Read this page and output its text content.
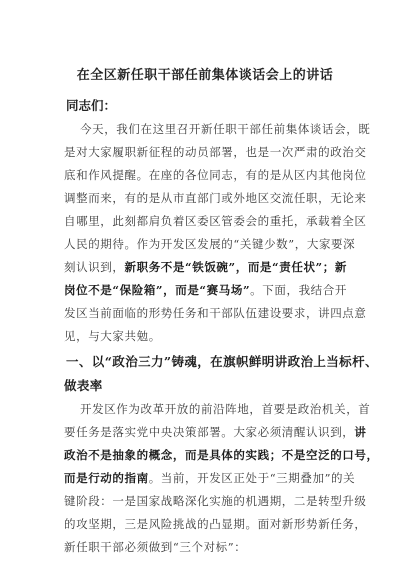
在全区新任职干部任前集体谈话会上的讲话
同志们：
今天，我们在这里召开新任职干部任前集体谈话会，既
是对大家履职新征程的动员部署，也是一次严肃的政治交
底和作风提醒。在座的各位同志，有的是从区内其他岗位
调整而来，有的是从市直部门或外地区交流任职，无论来
自哪里，此刻都肩负着区委区管委会的重托，承载着全区
人民的期待。作为开发区发展的“关键少数”，大家要深
刻认识到，新职务不是“铁饭碗”，而是“责任状”；新
岗位不是“保险箱”，而是“赛马场”。下面，我结合开
发区当前面临的形势任务和干部队伍建设要求，讲四点意
见，与大家共勉。
一、以“政治三力”铸魂，在旗帜鲜明讲政治上当标杆、
做表率
开发区作为改革开放的前沿阵地，首要是政治机关，首
要任务是落实党中央决策部署。大家必须清醒认识到，讲
政治不是抽象的概念，而是具体的实践；不是空泛的口号，
而是行动的指南。当前，开发区正处于“三期叠加”的关
键阶段：一是国家战略深化实施的机遇期，二是转型升级
的攻坚期，三是风险挑战的凸显期。面对新形势新任务，
新任职干部必须做到“三个对标”：
